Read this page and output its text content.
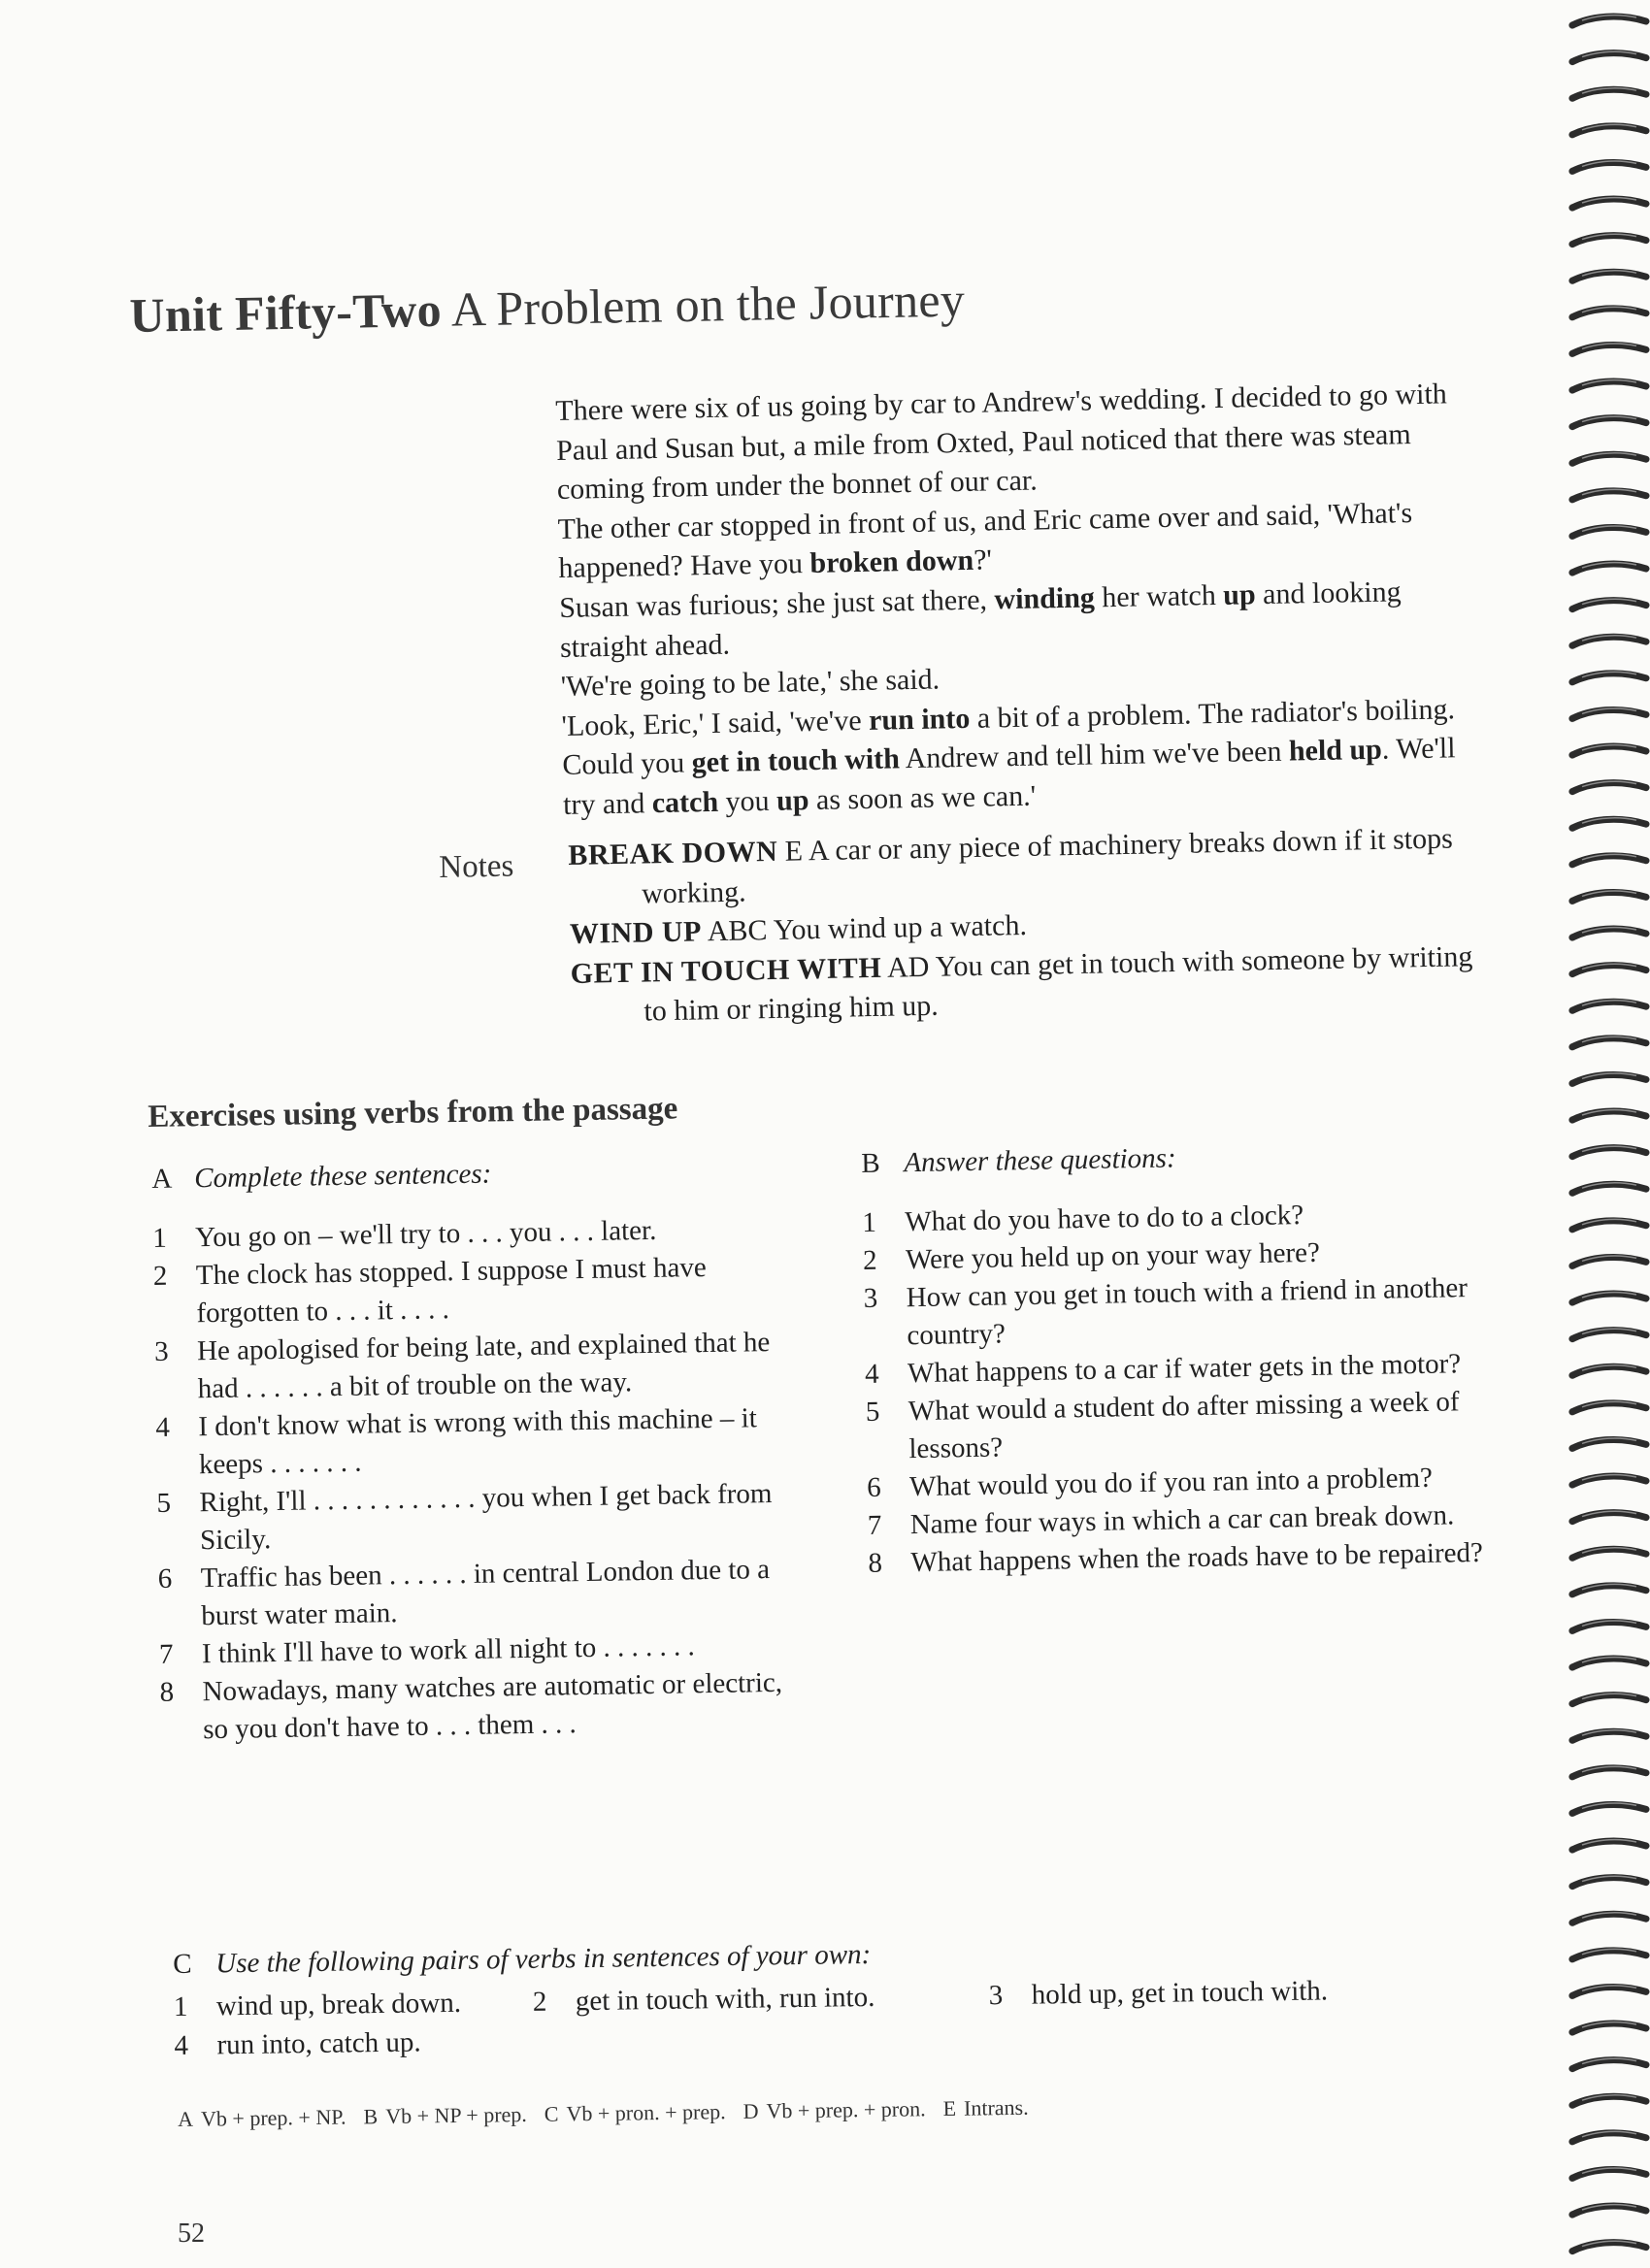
Unit Fifty-Two A Problem on the Journey

There were six of us going by car to Andrew's wedding. I decided to go with Paul and Susan but, a mile from Oxted, Paul noticed that there was steam coming from under the bonnet of our car.

The other car stopped in front of us, and Eric came over and said, 'What's happened? Have you broken down?'

Susan was furious; she just sat there, winding her watch up and looking straight ahead.

'We're going to be late,' she said.

'Look, Eric,' I said, 'we've run into a bit of a problem. The radiator's boiling. Could you get in touch with Andrew and tell him we've been held up. We'll try and catch you up as soon as we can.'

Notes BREAK DOWN E A car or any piece of machinery breaks down if it stops working.

WIND UP ABC You wind up a watch.

GET IN TOUCH WITH AD You can get in touch with someone by writing to him or ringing him up.

Exercises using verbs from the passage

A Complete these sentences:

1 You go on – we'll try to . . . you . . . later.
2 The clock has stopped. I suppose I must have forgotten to . . . it . . . .
3 He apologised for being late, and explained that he had . . . . . . a bit of trouble on the way.
4 I don't know what is wrong with this machine – it keeps . . . . . . .
5 Right, I'll . . . . . . . . . . . . you when I get back from Sicily.
6 Traffic has been . . . . . . in central London due to a burst water main.
7 I think I'll have to work all night to . . . . . . .
8 Nowadays, many watches are automatic or electric, so you don't have to . . . them . . .

B Answer these questions:

1 What do you have to do to a clock?
2 Were you held up on your way here?
3 How can you get in touch with a friend in another country?
4 What happens to a car if water gets in the motor?
5 What would a student do after missing a week of lessons?
6 What would you do if you ran into a problem?
7 Name four ways in which a car can break down.
8 What happens when the roads have to be repaired?

C Use the following pairs of verbs in sentences of your own:

1 wind up, break down.	2 get in touch with, run into.	3 hold up, get in touch with.
4 run into, catch up.
A Vb + prep. + NP. B Vb + NP + prep. C Vb + pron. + prep. D Vb + prep. + pron. E Intrans.
52
